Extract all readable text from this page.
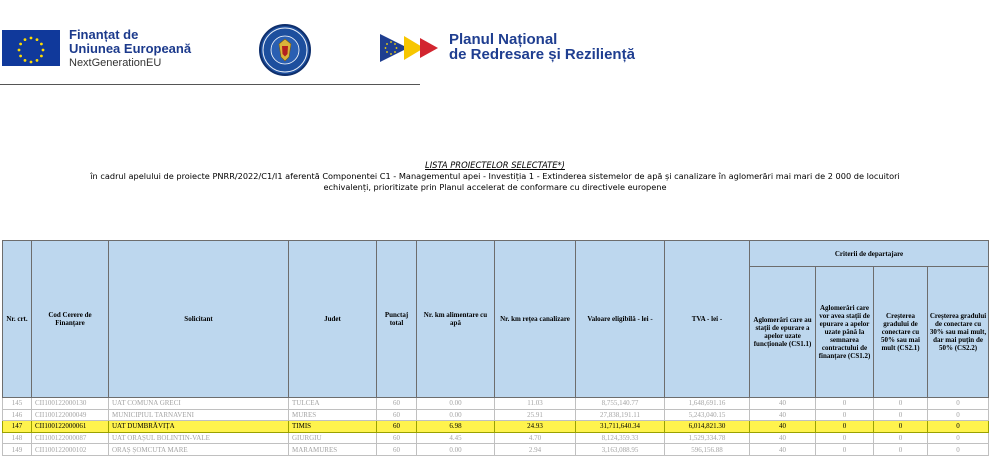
Finanțat de
Uniunea Europeană
NextGenerationEU
Planul Național
de Redresare și Reziliență
LISTA PROIECTELOR SELECTATE*)
în cadrul apelului de proiecte PNRR/2022/C1/I1 aferentă Componentei C1 - Managementul apei - Investiția 1 - Extinderea sistemelor de apă și canalizare în aglomerări mai mari de 2 000 de locuitori
echivalenți, prioritizate prin Planul accelerat de conformare cu directivele europene
Nr. crt.	Cod Cerere de Finanțare	Solicitant	Judet	Punctaj total	Nr. km alimentare cu apă	Nr. km rețea canalizare	Valoare eligibilă - lei -	TVA - lei -	Criterii de departajare			
									Aglomerări care au stații de epurare a apelor uzate funcționale (CS1.1)	Aglomerări care vor avea stații de epurare a apelor uzate până la semnarea contractului de finanțare (CS1.2)	Creșterea gradului de conectare cu 50% sau mai mult (CS2.1)	Creșterea gradului de conectare cu 30% sau mai mult, dar mai puțin de 50% (CS2.2)
145	CII100122000130	UAT COMUNA GRECI	TULCEA	60	0.00	11.03	8,755,140.77	1,648,691.16	40	0	0	0
146	CII100122000049	MUNICIPIUL TARNAVENI	MURES	60	0.00	25.91	27,838,191.11	5,243,040.15	40	0	0	0
147	CII100122000061	UAT DUMBRĂVIȚA	TIMIS	60	6.98	24.93	31,711,640.34	6,014,821.30	40	0	0	0
148	CII100122000087	UAT ORAȘUL BOLINTIN-VALE	GIURGIU	60	4.45	4.70	8,124,359.33	1,529,334.78	40	0	0	0
149	CII100122000102	ORAȘ ȘOMCUTA MARE	MARAMURES	60	0.00	2.94	3,163,088.95	596,156.88	40	0	0	0
